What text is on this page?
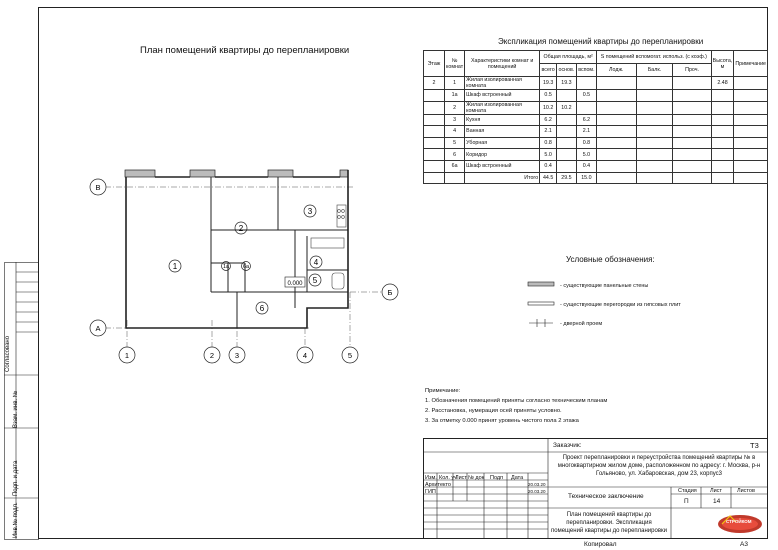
Согласовано
Взам. инв. №
Подп. и дата
Инв.№ подл.
План помещений квартиры до перепланировки
Экспликация помещений квартиры до перепланировки
1
2
3
4
5
6
1а	6а
0.000
1	2	3	4	5
A
Б
B
Этаж	№ комнат	Характеристики комнат и помещений	Общая площадь, м²			S помещений вспомогат. использ. (с коэф.)			Высота, м	Примечание
			всего	основ.	вспом.	Лодж.	Балк.	Проч.		
2	1	Жилая изолированная комната	19.3	19.3					2.48	
	1а	Шкаф встроенный	0.5		0.5					
	2	Жилая изолированная комната	10.2	10.2						
	3	Кухня	6.2		6.2					
	4	Ванная	2.1		2.1					
	5	Уборная	0.8		0.8					
	6	Коридор	5.0		5.0					
	6а	Шкаф встроенный	0.4		0.4					
		Итого	44.5	29.5	15.0					
Условные обозначения:
- существующие панельные стены
- существующие перегородки из гипсовых плит
- дверной проем
Примечание:
1. Обозначения помещений приняты согласно техническим планам
2. Расстановка, нумерация осей приняты условно.
3. За отметку 0.000 принят уровень чистого пола 2 этажа
Заказчик:	Т3
Проект перепланировки и переустройства помещений квартиры № в многоквартирном жилом доме, расположенном по адресу: г. Москва, р-н Гольяново, ул. Хабаровская, дом 23, корпус3
Изм. Кол. уч
Лист № док Подп Дата
Архитекто
ГИП
20.03.20
20.03.20
Техническое заключение
Стадия Лист	Листов
П	14
План помещений квартиры до перепланировки. Экспликация помещений квартиры до перепланировки
СТРОЙКОМ
Копировал	А3
